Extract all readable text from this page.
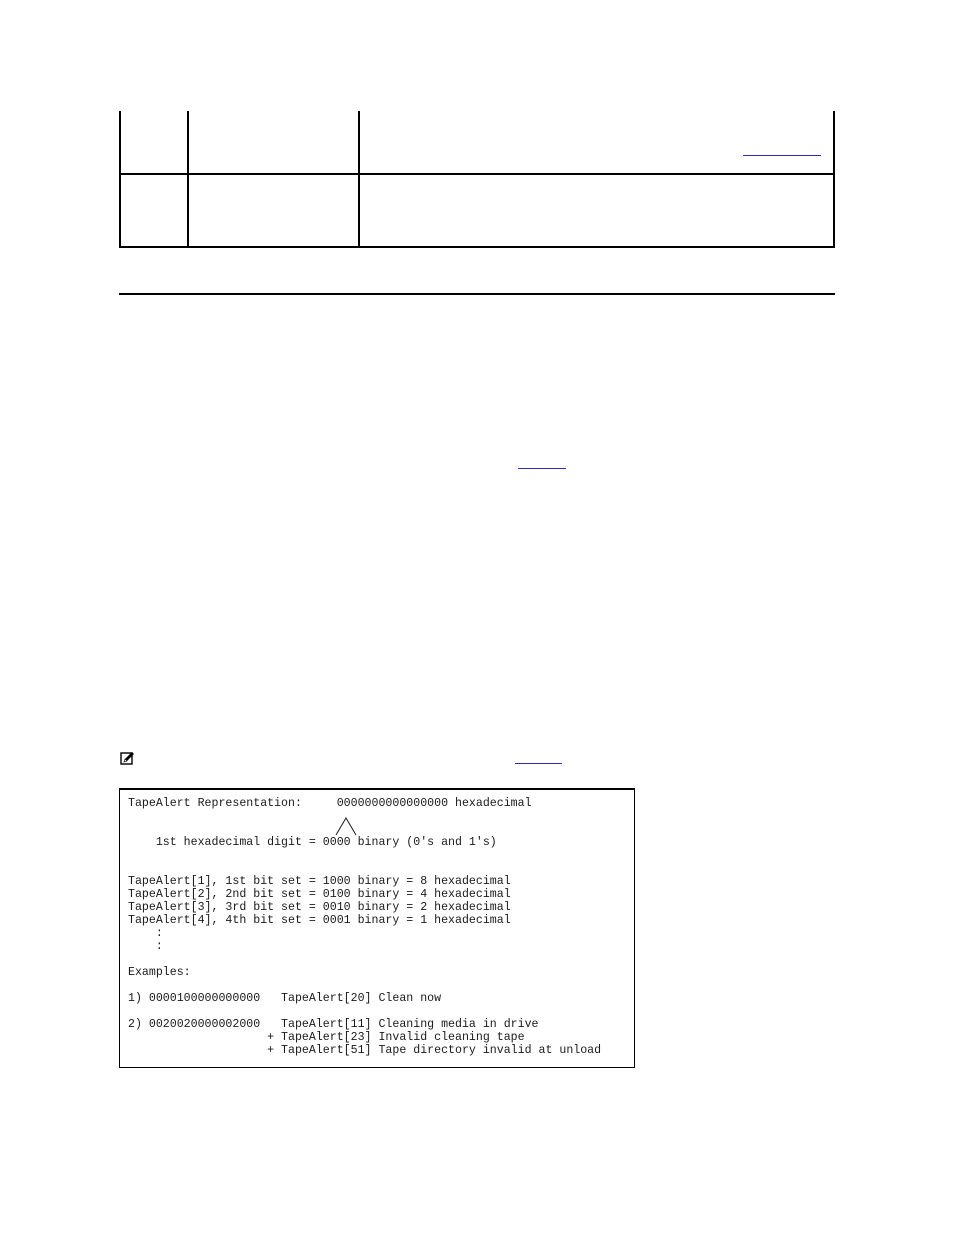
TapeAlert Representation:     0000000000000000 hexadecimal
1st hexadecimal digit = 0000 binary (0's and 1's)
TapeAlert[1], 1st bit set = 1000 binary = 8 hexadecimal
TapeAlert[2], 2nd bit set = 0100 binary = 4 hexadecimal
TapeAlert[3], 3rd bit set = 0010 binary = 2 hexadecimal
TapeAlert[4], 4th bit set = 0001 binary = 1 hexadecimal
:
:
Examples:
1) 0000100000000000   TapeAlert[20] Clean now
2) 0020020000002000   TapeAlert[11] Cleaning media in drive
+ TapeAlert[23] Invalid cleaning tape
+ TapeAlert[51] Tape directory invalid at unload
